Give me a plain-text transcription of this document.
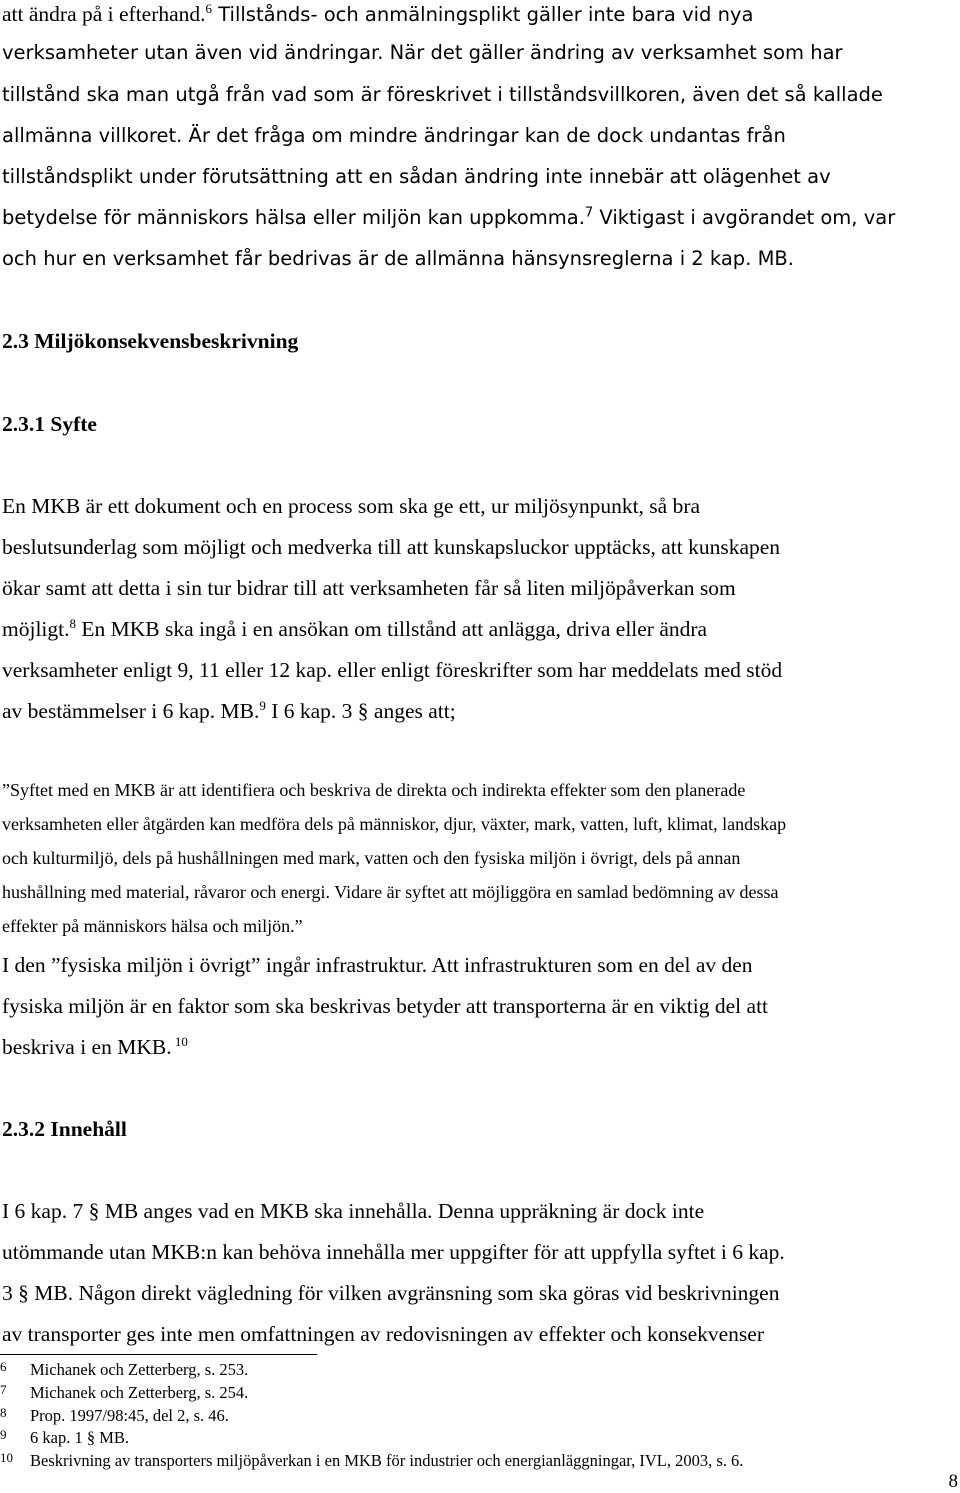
att ändra på i efterhand.$^6$ Tillstånds- och anmälningsplikt gäller inte bara vid nya
verksamheter utan även vid ändringar. När det gäller ändring av verksamhet som har
tillstånd ska man utgå från vad som är föreskrivet i tillståndsvillkoren, även det så kallade
allmänna villkoret. Är det fråga om mindre ändringar kan de dock undantas från
tillståndsplikt under förutsättning att en sådan ändring inte innebär att olägenhet av
betydelse för människors hälsa eller miljön kan uppkomma.$^7$ Viktigast i avgörandet om, var
och hur en verksamhet får bedrivas är de allmänna hänsynsreglerna i 2 kap. MB.
2.3 Miljökonsekvensbeskrivning
2.3.1 Syfte
En MKB är ett dokument och en process som ska ge ett, ur miljösynpunkt, så bra
beslutsunderlag som möjligt och medverka till att kunskapsluckor upptäcks, att kunskapen
ökar samt att detta i sin tur bidrar till att verksamheten får så liten miljöpåverkan som
möjligt.$^8$ En MKB ska ingå i en ansökan om tillstånd att anlägga, driva eller ändra
verksamheter enligt 9, 11 eller 12 kap. eller enligt föreskrifter som har meddelats med stöd
av bestämmelser i 6 kap. MB.$^9$ I 6 kap. 3 § anges att;
”Syftet med en MKB är att identifiera och beskriva de direkta och indirekta effekter som den planerade
verksamheten eller åtgärden kan medföra dels på människor, djur, växter, mark, vatten, luft, klimat, landskap
och kulturmiljö, dels på hushållningen med mark, vatten och den fysiska miljön i övrigt, dels på annan
hushållning med material, råvaror och energi. Vidare är syftet att möjliggöra en samlad bedömning av dessa
effekter på människors hälsa och miljön.”
I den ”fysiska miljön i övrigt” ingår infrastruktur. Att infrastrukturen som en del av den
fysiska miljön är en faktor som ska beskrivas betyder att transporterna är en viktig del att
beskriva i en MKB. $^{10}$
2.3.2 Innehåll
I 6 kap. 7 § MB anges vad en MKB ska innehålla. Denna uppräkning är dock inte
utömmande utan MKB:n kan behöva innehålla mer uppgifter för att uppfylla syftet i 6 kap.
3 § MB. Någon direkt vägledning för vilken avgränsning som ska göras vid beskrivningen
av transporter ges inte men omfattningen av redovisningen av effekter och konsekvenser
6 Michanek och Zetterberg, s. 253.
7 Michanek och Zetterberg, s. 254.
8 Prop. 1997/98:45, del 2, s. 46.
9 6 kap. 1 § MB.
10 Beskrivning av transporters miljöpåverkan i en MKB för industrier och energianläggningar, IVL, 2003, s. 6.
8
